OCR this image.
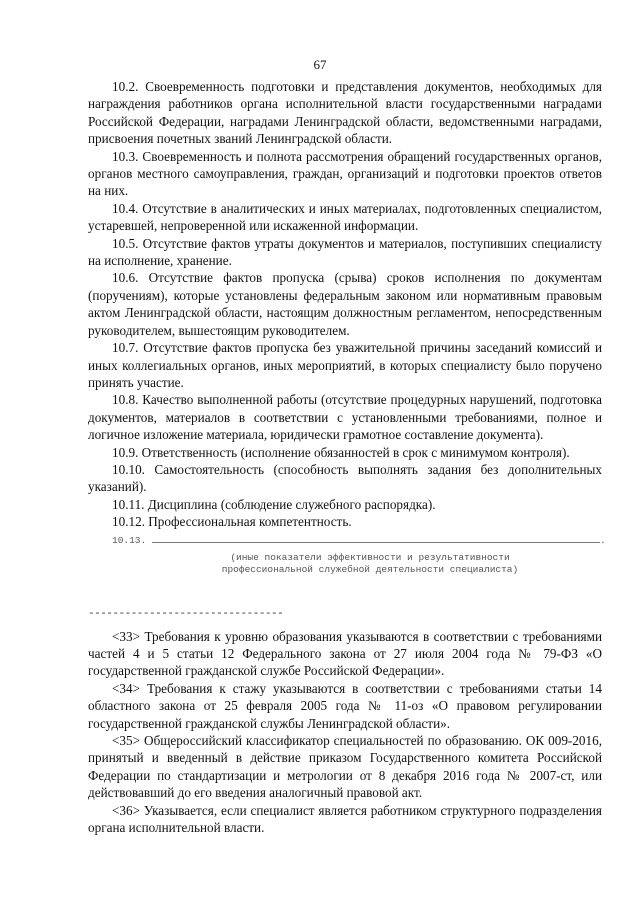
67

10.2. Своевременность подготовки и представления документов, необходимых для награждения работников органа исполнительной власти государственными наградами Российской Федерации, наградами Ленинградской области, ведомственными наградами, присвоения почетных званий Ленинградской области.

10.3. Своевременность и полнота рассмотрения обращений государственных органов, органов местного самоуправления, граждан, организаций и подготовки проектов ответов на них.

10.4. Отсутствие в аналитических и иных материалах, подготовленных специалистом, устаревшей, непроверенной или искаженной информации.

10.5. Отсутствие фактов утраты документов и материалов, поступивших специалисту на исполнение, хранение.

10.6. Отсутствие фактов пропуска (срыва) сроков исполнения по документам (поручениям), которые установлены федеральным законом или нормативным правовым актом Ленинградской области, настоящим должностным регламентом, непосредственным руководителем, вышестоящим руководителем.

10.7. Отсутствие фактов пропуска без уважительной причины заседаний комиссий и иных коллегиальных органов, иных мероприятий, в которых специалисту было поручено принять участие.

10.8. Качество выполненной работы (отсутствие процедурных нарушений, подготовка документов, материалов в соответствии с установленными требованиями, полное и логичное изложение материала, юридически грамотное составление документа).

10.9. Ответственность (исполнение обязанностей в срок с минимумом контроля).

10.10. Самостоятельность (способность выполнять задания без дополнительных указаний).

10.11. Дисциплина (соблюдение служебного распорядка).

10.12. Профессиональная компетентность.

10.13.	.
(иные показатели эффективности и результативности
профессиональной служебной деятельности специалиста)
--------------------------------

<33> Требования к уровню образования указываются в соответствии с требованиями частей 4 и 5 статьи 12 Федерального закона от 27 июля 2004 года № 79-ФЗ «О государственной гражданской службе Российской Федерации».

<34> Требования к стажу указываются в соответствии с требованиями статьи 14 областного закона от 25 февраля 2005 года № 11-оз «О правовом регулировании государственной гражданской службы Ленинградской области».

<35> Общероссийский классификатор специальностей по образованию. ОК 009-2016, принятый и введенный в действие приказом Государственного комитета Российской Федерации по стандартизации и метрологии от 8 декабря 2016 года № 2007-ст, или действовавший до его введения аналогичный правовой акт.

<36> Указывается, если специалист является работником структурного подразделения органа исполнительной власти.
